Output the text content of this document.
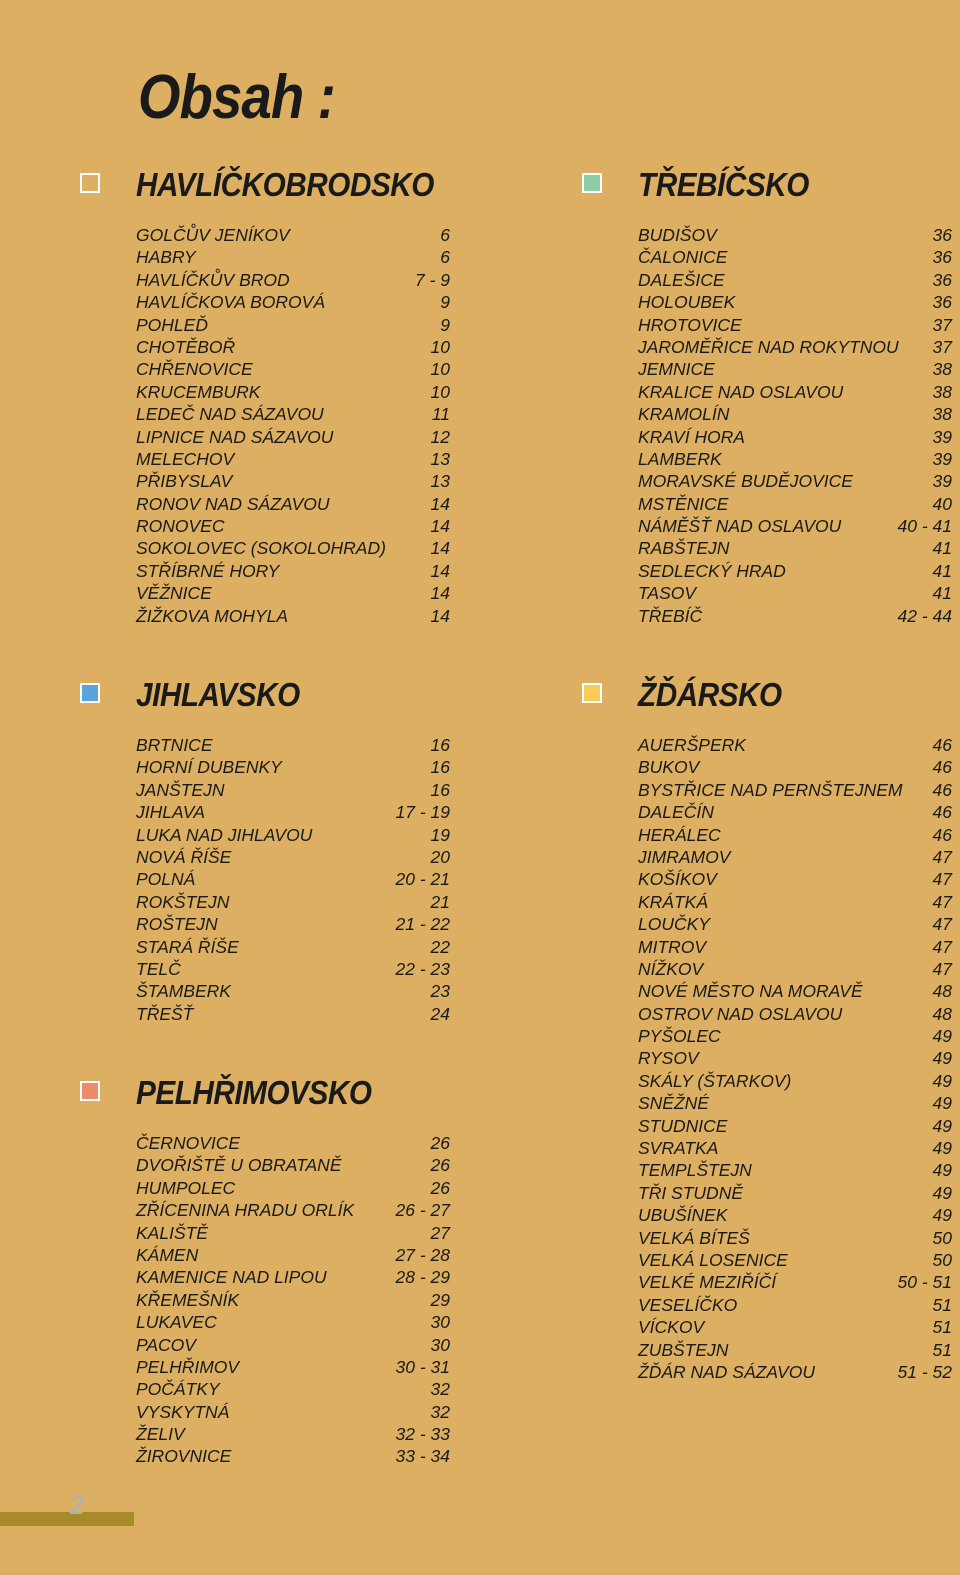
Obsah :
HAVLÍČKOBRODSKO
GOLČŮV JENÍKOV	6
HABRY	6
HAVLÍČKŮV BROD	7 - 9
HAVLÍČKOVA BOROVÁ	9
POHLEĎ	9
CHOTĚBOŘ	10
CHŘENOVICE	10
KRUCEMBURK	10
LEDEČ NAD SÁZAVOU	11
LIPNICE NAD SÁZAVOU	12
MELECHOV	13
PŘIBYSLAV	13
RONOV NAD SÁZAVOU	14
RONOVEC	14
SOKOLOVEC (SOKOLOHRAD)	14
STŘÍBRNÉ HORY	14
VĚŽNICE	14
ŽIŽKOVA MOHYLA	14
TŘEBÍČSKO
BUDIŠOV	36
ČALONICE	36
DALEŠICE	36
HOLOUBEK	36
HROTOVICE	37
JAROMĚŘICE NAD ROKYTNOU 37
JEMNICE	38
KRALICE NAD OSLAVOU	38
KRAMOLÍN	38
KRAVÍ HORA	39
LAMBERK	39
MORAVSKÉ BUDĚJOVICE	39
MSTĚNICE	40
NÁMĚŠŤ NAD OSLAVOU	40 - 41
RABŠTEJN	41
SEDLECKÝ HRAD	41
TASOV	41
TŘEBÍČ	42 - 44
JIHLAVSKO
BRTNICE	16
HORNÍ DUBENKY	16
JANŠTEJN	16
JIHLAVA	17 - 19
LUKA NAD JIHLAVOU	19
NOVÁ ŘÍŠE	20
POLNÁ	20 - 21
ROKŠTEJN	21
ROŠTEJN	21 - 22
STARÁ ŘÍŠE	22
TELČ	22 - 23
ŠTAMBERK	23
TŘEŠŤ	24
ŽĎÁRSKO
AUERŠPERK	46
BUKOV	46
BYSTŘICE NAD PERNŠTEJNEM 46
DALEČÍN	46
HERÁLEC	46
JIMRAMOV	47
KOŠÍKOV	47
KRÁTKÁ	47
LOUČKY	47
MITROV	47
NÍŽKOV	47
NOVÉ MĚSTO NA MORAVĚ	48
OSTROV NAD OSLAVOU	48
PYŠOLEC	49
RYSOV	49
SKÁLY (ŠTARKOV)	49
SNĚŽNÉ	49
STUDNICE	49
SVRATKA	49
TEMPLŠTEJN	49
TŘI STUDNĚ	49
UBUŠÍNEK	49
VELKÁ BÍTEŠ	50
VELKÁ LOSENICE	50
VELKÉ MEZIŘÍČÍ	50 - 51
VESELÍČKO	51
VÍCKOV	51
ZUBŠTEJN	51
ŽĎÁR NAD SÁZAVOU	51 - 52
PELHŘIMOVSKO
ČERNOVICE	26
DVOŘIŠTĚ U OBRATANĚ	26
HUMPOLEC	26
ZŘÍCENINA HRADU ORLÍK 26 - 27
KALIŠTĚ	27
KÁMEN	27 - 28
KAMENICE NAD LIPOU	28 - 29
KŘEMEŠNÍK	29
LUKAVEC	30
PACOV	30
PELHŘIMOV	30 - 31
POČÁTKY	32
VYSKYTNÁ	32
ŽELIV	32 - 33
ŽIROVNICE	33 - 34
2
